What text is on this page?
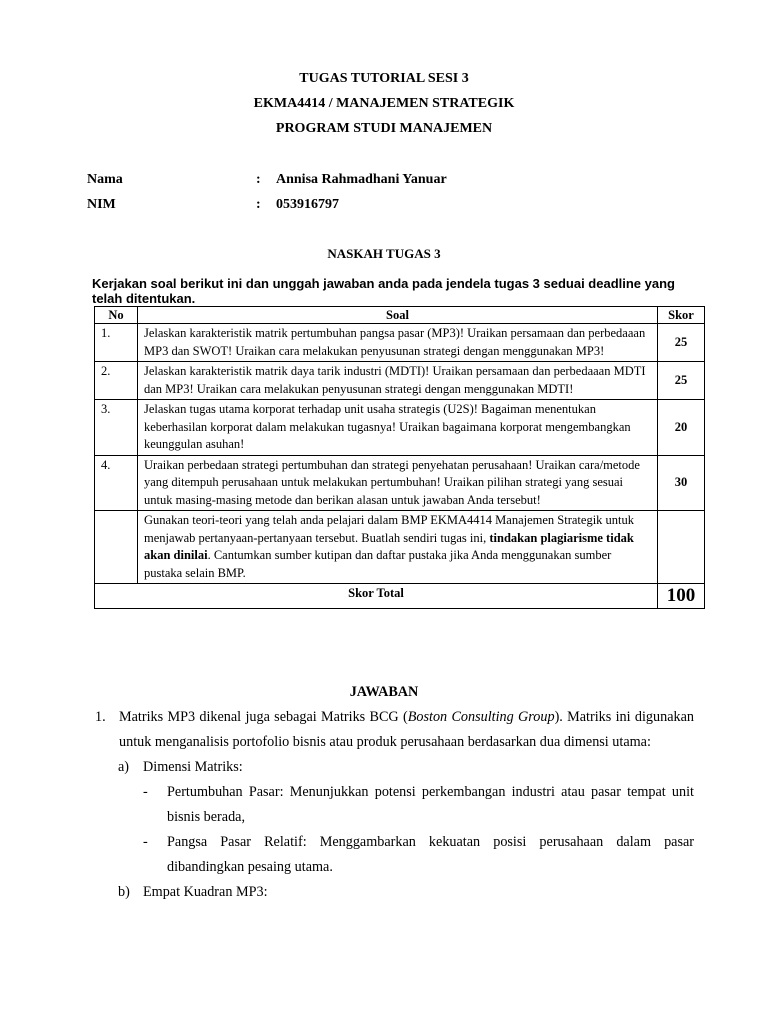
TUGAS TUTORIAL SESI 3
EKMA4414 / MANAJEMEN STRATEGIK
PROGRAM STUDI MANAJEMEN
Nama	: Annisa Rahmadhani Yanuar
NIM	: 053916797
NASKAH TUGAS 3

Kerjakan soal berikut ini dan unggah jawaban anda pada jendela tugas 3 seduai deadline yang telah ditentukan.

No	Soal	Skor
1.	Jelaskan karakteristik matrik pertumbuhan pangsa pasar (MP3)! Uraikan persamaan dan perbedaaan MP3 dan SWOT! Uraikan cara melakukan penyusunan strategi dengan menggunakan MP3!	25
2.	Jelaskan karakteristik matrik daya tarik industri (MDTI)! Uraikan persamaan dan perbedaaan MDTI dan MP3! Uraikan cara melakukan penyusunan strategi dengan menggunakan MDTI!	25
3.	Jelaskan tugas utama korporat terhadap unit usaha strategis (U2S)! Bagaiman menentukan keberhasilan korporat dalam melakukan tugasnya! Uraikan bagaimana korporat mengembangkan keunggulan asuhan!	20
4.	Uraikan perbedaan strategi pertumbuhan dan strategi penyehatan perusahaan! Uraikan cara/metode yang ditempuh perusahaan untuk melakukan pertumbuhan! Uraikan pilihan strategi yang sesuai untuk masing-masing metode dan berikan alasan untuk jawaban Anda tersebut!	30
	Gunakan teori-teori yang telah anda pelajari dalam BMP EKMA4414 Manajemen Strategik untuk menjawab pertanyaan-pertanyaan tersebut. Buatlah sendiri tugas ini, tindakan plagiarisme tidak akan dinilai. Cantumkan sumber kutipan dan daftar pustaka jika Anda menggunakan sumber pustaka selain BMP.	
Skor Total		100

JAWABAN

1. Matriks MP3 dikenal juga sebagai Matriks BCG (Boston Consulting Group). Matriks ini digunakan untuk menganalisis portofolio bisnis atau produk perusahaan berdasarkan dua dimensi utama:

a) Dimensi Matriks:

- Pertumbuhan Pasar: Menunjukkan potensi perkembangan industri atau pasar tempat unit bisnis berada,

- Pangsa Pasar Relatif: Menggambarkan kekuatan posisi perusahaan dalam pasar dibandingkan pesaing utama.

b) Empat Kuadran MP3:
